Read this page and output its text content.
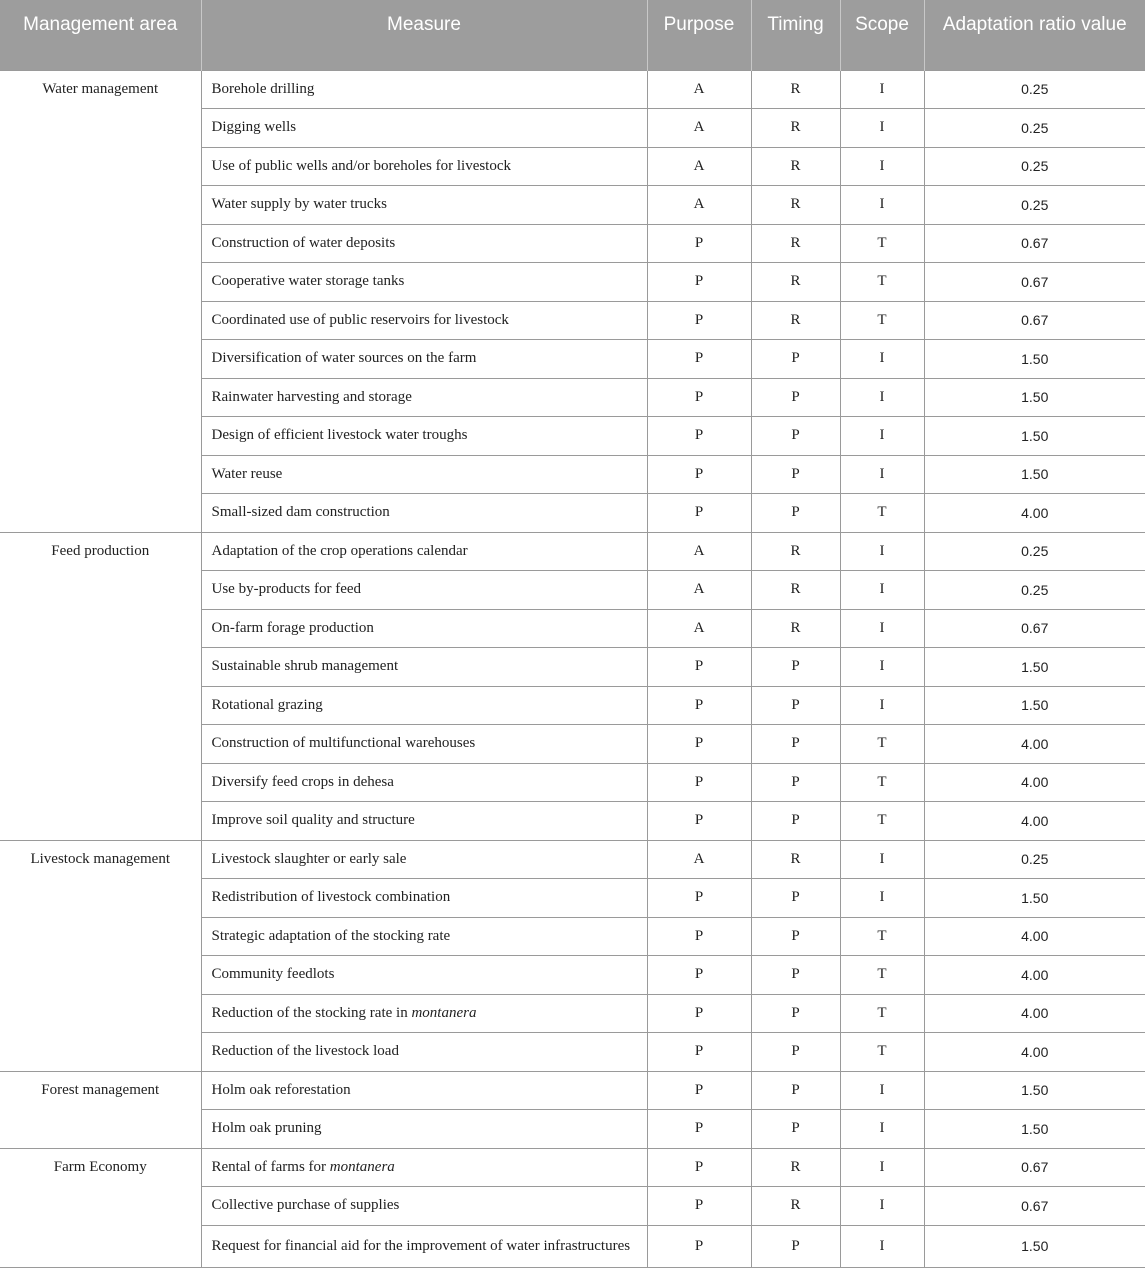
Management area	Measure	Purpose	Timing	Scope	Adaptation ratio value
Water management	Borehole drilling	A	R	I	0.25
	Digging wells	A	R	I	0.25
	Use of public wells and/or boreholes for livestock	A	R	I	0.25
	Water supply by water trucks	A	R	I	0.25
	Construction of water deposits	P	R	T	0.67
	Cooperative water storage tanks	P	R	T	0.67
	Coordinated use of public reservoirs for livestock	P	R	T	0.67
	Diversification of water sources on the farm	P	P	I	1.50
	Rainwater harvesting and storage	P	P	I	1.50
	Design of efficient livestock water troughs	P	P	I	1.50
	Water reuse	P	P	I	1.50
	Small-sized dam construction	P	P	T	4.00
Feed production	Adaptation of the crop operations calendar	A	R	I	0.25
	Use by-products for feed	A	R	I	0.25
	On-farm forage production	A	R	I	0.67
	Sustainable shrub management	P	P	I	1.50
	Rotational grazing	P	P	I	1.50
	Construction of multifunctional warehouses	P	P	T	4.00
	Diversify feed crops in dehesa	P	P	T	4.00
	Improve soil quality and structure	P	P	T	4.00
Livestock management	Livestock slaughter or early sale	A	R	I	0.25
	Redistribution of livestock combination	P	P	I	1.50
	Strategic adaptation of the stocking rate	P	P	T	4.00
	Community feedlots	P	P	T	4.00
	Reduction of the stocking rate in montanera	P	P	T	4.00
	Reduction of the livestock load	P	P	T	4.00
Forest management	Holm oak reforestation	P	P	I	1.50
	Holm oak pruning	P	P	I	1.50
Farm Economy	Rental of farms for montanera	P	R	I	0.67
	Collective purchase of supplies	P	R	I	0.67
	Request for financial aid for the improvement of water infrastructures	P	P	I	1.50
